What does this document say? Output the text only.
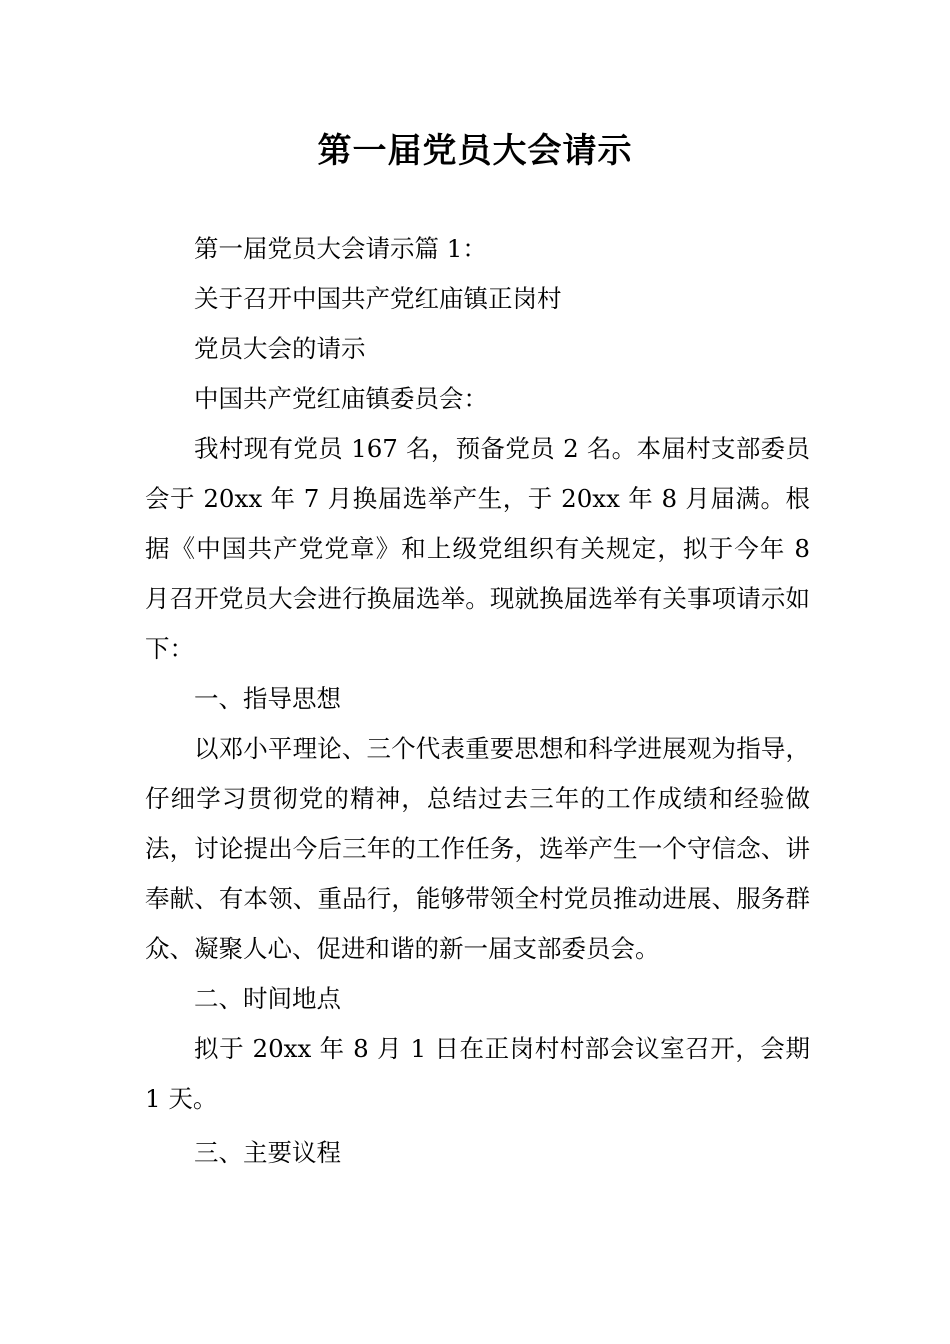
第一届党员大会请示

第一届党员大会请示篇 1：

关于召开中国共产党红庙镇正岗村

党员大会的请示

中国共产党红庙镇委员会：

我村现有党员 167 名，预备党员 2 名。本届村支部委员会于 20xx 年 7 月换届选举产生，于 20xx 年 8 月届满。根据《中国共产党党章》和上级党组织有关规定，拟于今年 8 月召开党员大会进行换届选举。现就换届选举有关事项请示如下：

一、指导思想

以邓小平理论、三个代表重要思想和科学进展观为指导，仔细学习贯彻党的精神，总结过去三年的工作成绩和经验做法，讨论提出今后三年的工作任务，选举产生一个守信念、讲奉献、有本领、重品行，能够带领全村党员推动进展、服务群众、凝聚人心、促进和谐的新一届支部委员会。

二、时间地点

拟于 20xx 年 8 月 1 日在正岗村村部会议室召开，会期 1 天。

三、主要议程
